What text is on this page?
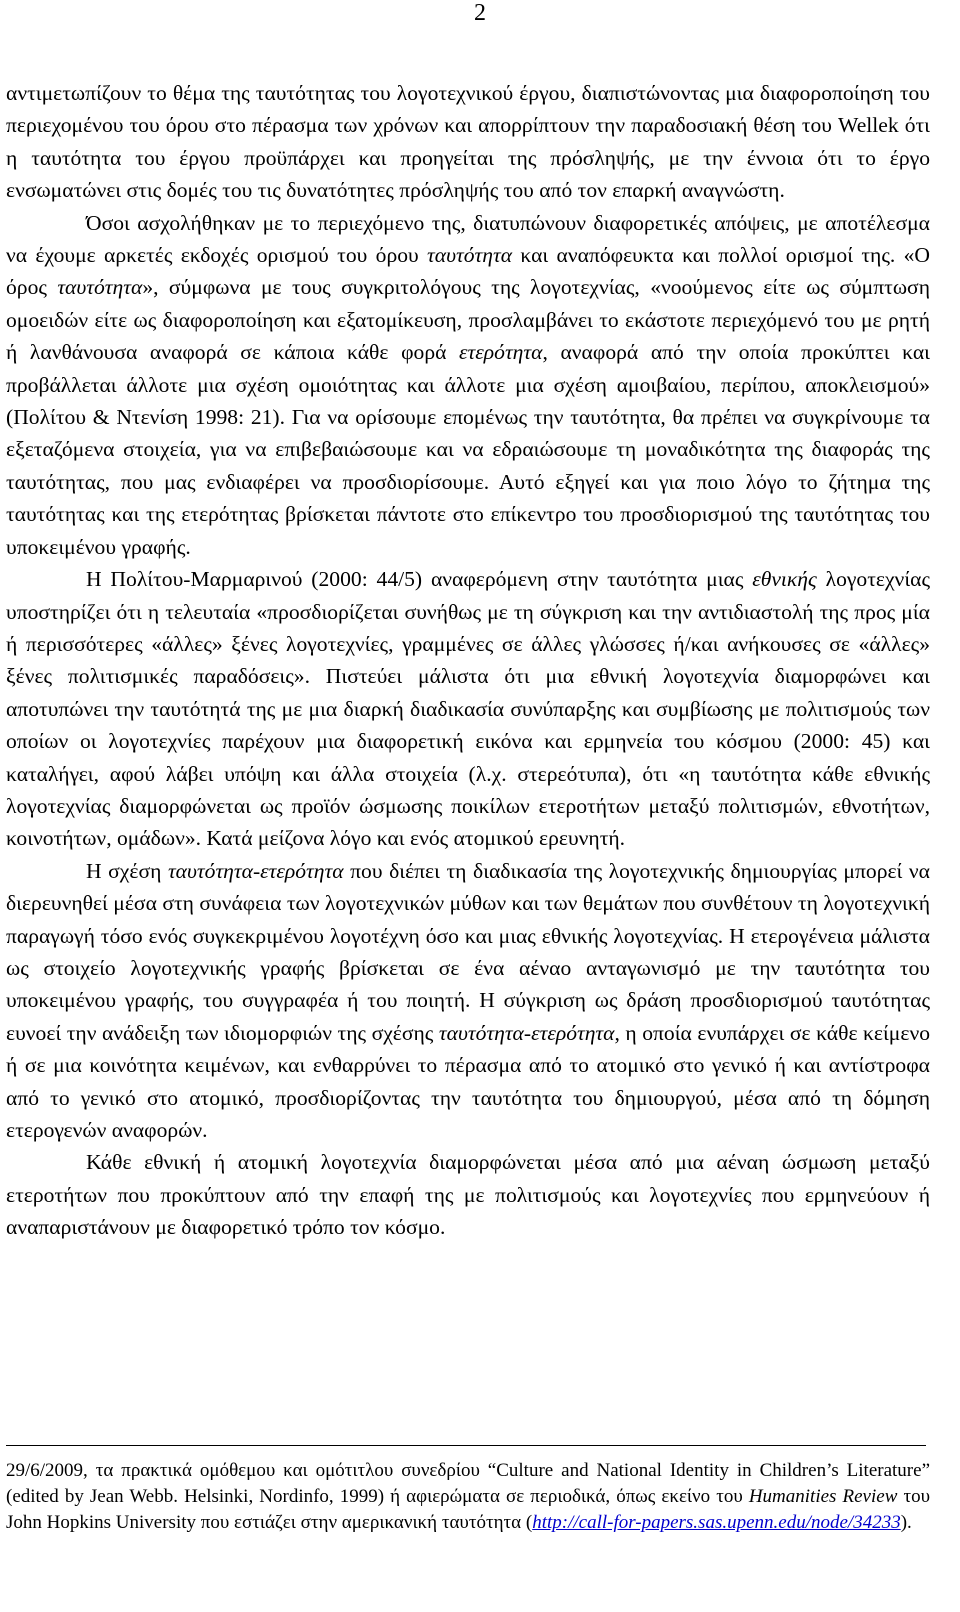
2

αντιμετωπίζουν το θέμα της ταυτότητας του λογοτεχνικού έργου, διαπιστώνοντας μια διαφοροποίηση του περιεχομένου του όρου στο πέρασμα των χρόνων και απορρίπτουν την παραδοσιακή θέση του Wellek ότι η ταυτότητα του έργου προϋπάρχει και προηγείται της πρόσληψής, με την έννοια ότι το έργο ενσωματώνει στις δομές του τις δυνατότητες πρόσληψής του από τον επαρκή αναγνώστη.

Όσοι ασχολήθηκαν με το περιεχόμενο της, διατυπώνουν διαφορετικές απόψεις, με αποτέλεσμα να έχουμε αρκετές εκδοχές ορισμού του όρου ταυτότητα και αναπόφευκτα και πολλοί ορισμοί της. «Ο όρος ταυτότητα», σύμφωνα με τους συγκριτολόγους της λογοτεχνίας, «νοούμενος είτε ως σύμπτωση ομοειδών είτε ως διαφοροποίηση και εξατομίκευση, προσλαμβάνει το εκάστοτε περιεχόμενό του με ρητή ή λανθάνουσα αναφορά σε κάποια κάθε φορά ετερότητα, αναφορά από την οποία προκύπτει και προβάλλεται άλλοτε μια σχέση ομοιότητας και άλλοτε μια σχέση αμοιβαίου, περίπου, αποκλεισμού» (Πολίτου & Ντενίση 1998: 21). Για να ορίσουμε επομένως την ταυτότητα, θα πρέπει να συγκρίνουμε τα εξεταζόμενα στοιχεία, για να επιβεβαιώσουμε και να εδραιώσουμε τη μοναδικότητα της διαφοράς της ταυτότητας, που μας ενδιαφέρει να προσδιορίσουμε. Αυτό εξηγεί και για ποιο λόγο το ζήτημα της ταυτότητας και της ετερότητας βρίσκεται πάντοτε στο επίκεντρο του προσδιορισμού της ταυτότητας του υποκειμένου γραφής.

Η Πολίτου-Μαρμαρινού (2000: 44/5) αναφερόμενη στην ταυτότητα μιας εθνικής λογοτεχνίας υποστηρίζει ότι η τελευταία «προσδιορίζεται συνήθως με τη σύγκριση και την αντιδιαστολή της προς μία ή περισσότερες «άλλες» ξένες λογοτεχνίες, γραμμένες σε άλλες γλώσσες ή/και ανήκουσες σε «άλλες» ξένες πολιτισμικές παραδόσεις». Πιστεύει μάλιστα ότι μια εθνική λογοτεχνία διαμορφώνει και αποτυπώνει την ταυτότητά της με μια διαρκή διαδικασία συνύπαρξης και συμβίωσης με πολιτισμούς των οποίων οι λογοτεχνίες παρέχουν μια διαφορετική εικόνα και ερμηνεία του κόσμου (2000: 45) και καταλήγει, αφού λάβει υπόψη και άλλα στοιχεία (λ.χ. στερεότυπα), ότι «η ταυτότητα κάθε εθνικής λογοτεχνίας διαμορφώνεται ως προϊόν ώσμωσης ποικίλων ετεροτήτων μεταξύ πολιτισμών, εθνοτήτων, κοινοτήτων, ομάδων». Κατά μείζονα λόγο και ενός ατομικού ερευνητή.

Η σχέση ταυτότητα-ετερότητα που διέπει τη διαδικασία της λογοτεχνικής δημιουργίας μπορεί να διερευνηθεί μέσα στη συνάφεια των λογοτεχνικών μύθων και των θεμάτων που συνθέτουν τη λογοτεχνική παραγωγή τόσο ενός συγκεκριμένου λογοτέχνη όσο και μιας εθνικής λογοτεχνίας. Η ετερογένεια μάλιστα ως στοιχείο λογοτεχνικής γραφής βρίσκεται σε ένα αέναο ανταγωνισμό με την ταυτότητα του υποκειμένου γραφής, του συγγραφέα ή του ποιητή. Η σύγκριση ως δράση προσδιορισμού ταυτότητας ευνοεί την ανάδειξη των ιδιομορφιών της σχέσης ταυτότητα-ετερότητα, η οποία ενυπάρχει σε κάθε κείμενο ή σε μια κοινότητα κειμένων, και ενθαρρύνει το πέρασμα από το ατομικό στο γενικό ή και αντίστροφα από το γενικό στο ατομικό, προσδιορίζοντας την ταυτότητα του δημιουργού, μέσα από τη δόμηση ετερογενών αναφορών.

Κάθε εθνική ή ατομική λογοτεχνία διαμορφώνεται μέσα από μια αέναη ώσμωση μεταξύ ετεροτήτων που προκύπτουν από την επαφή της με πολιτισμούς και λογοτεχνίες που ερμηνεύουν ή αναπαριστάνουν με διαφορετικό τρόπο τον κόσμο.

29/6/2009, τα πρακτικά ομόθεμου και ομότιτλου συνεδρίου “Culture and National Identity in Children’s Literature” (edited by Jean Webb. Helsinki, Nordinfo, 1999) ή αφιερώματα σε περιοδικά, όπως εκείνο του Humanities Review του John Hopkins University που εστιάζει στην αμερικανική ταυτότητα (http://call-for-papers.sas.upenn.edu/node/34233).
